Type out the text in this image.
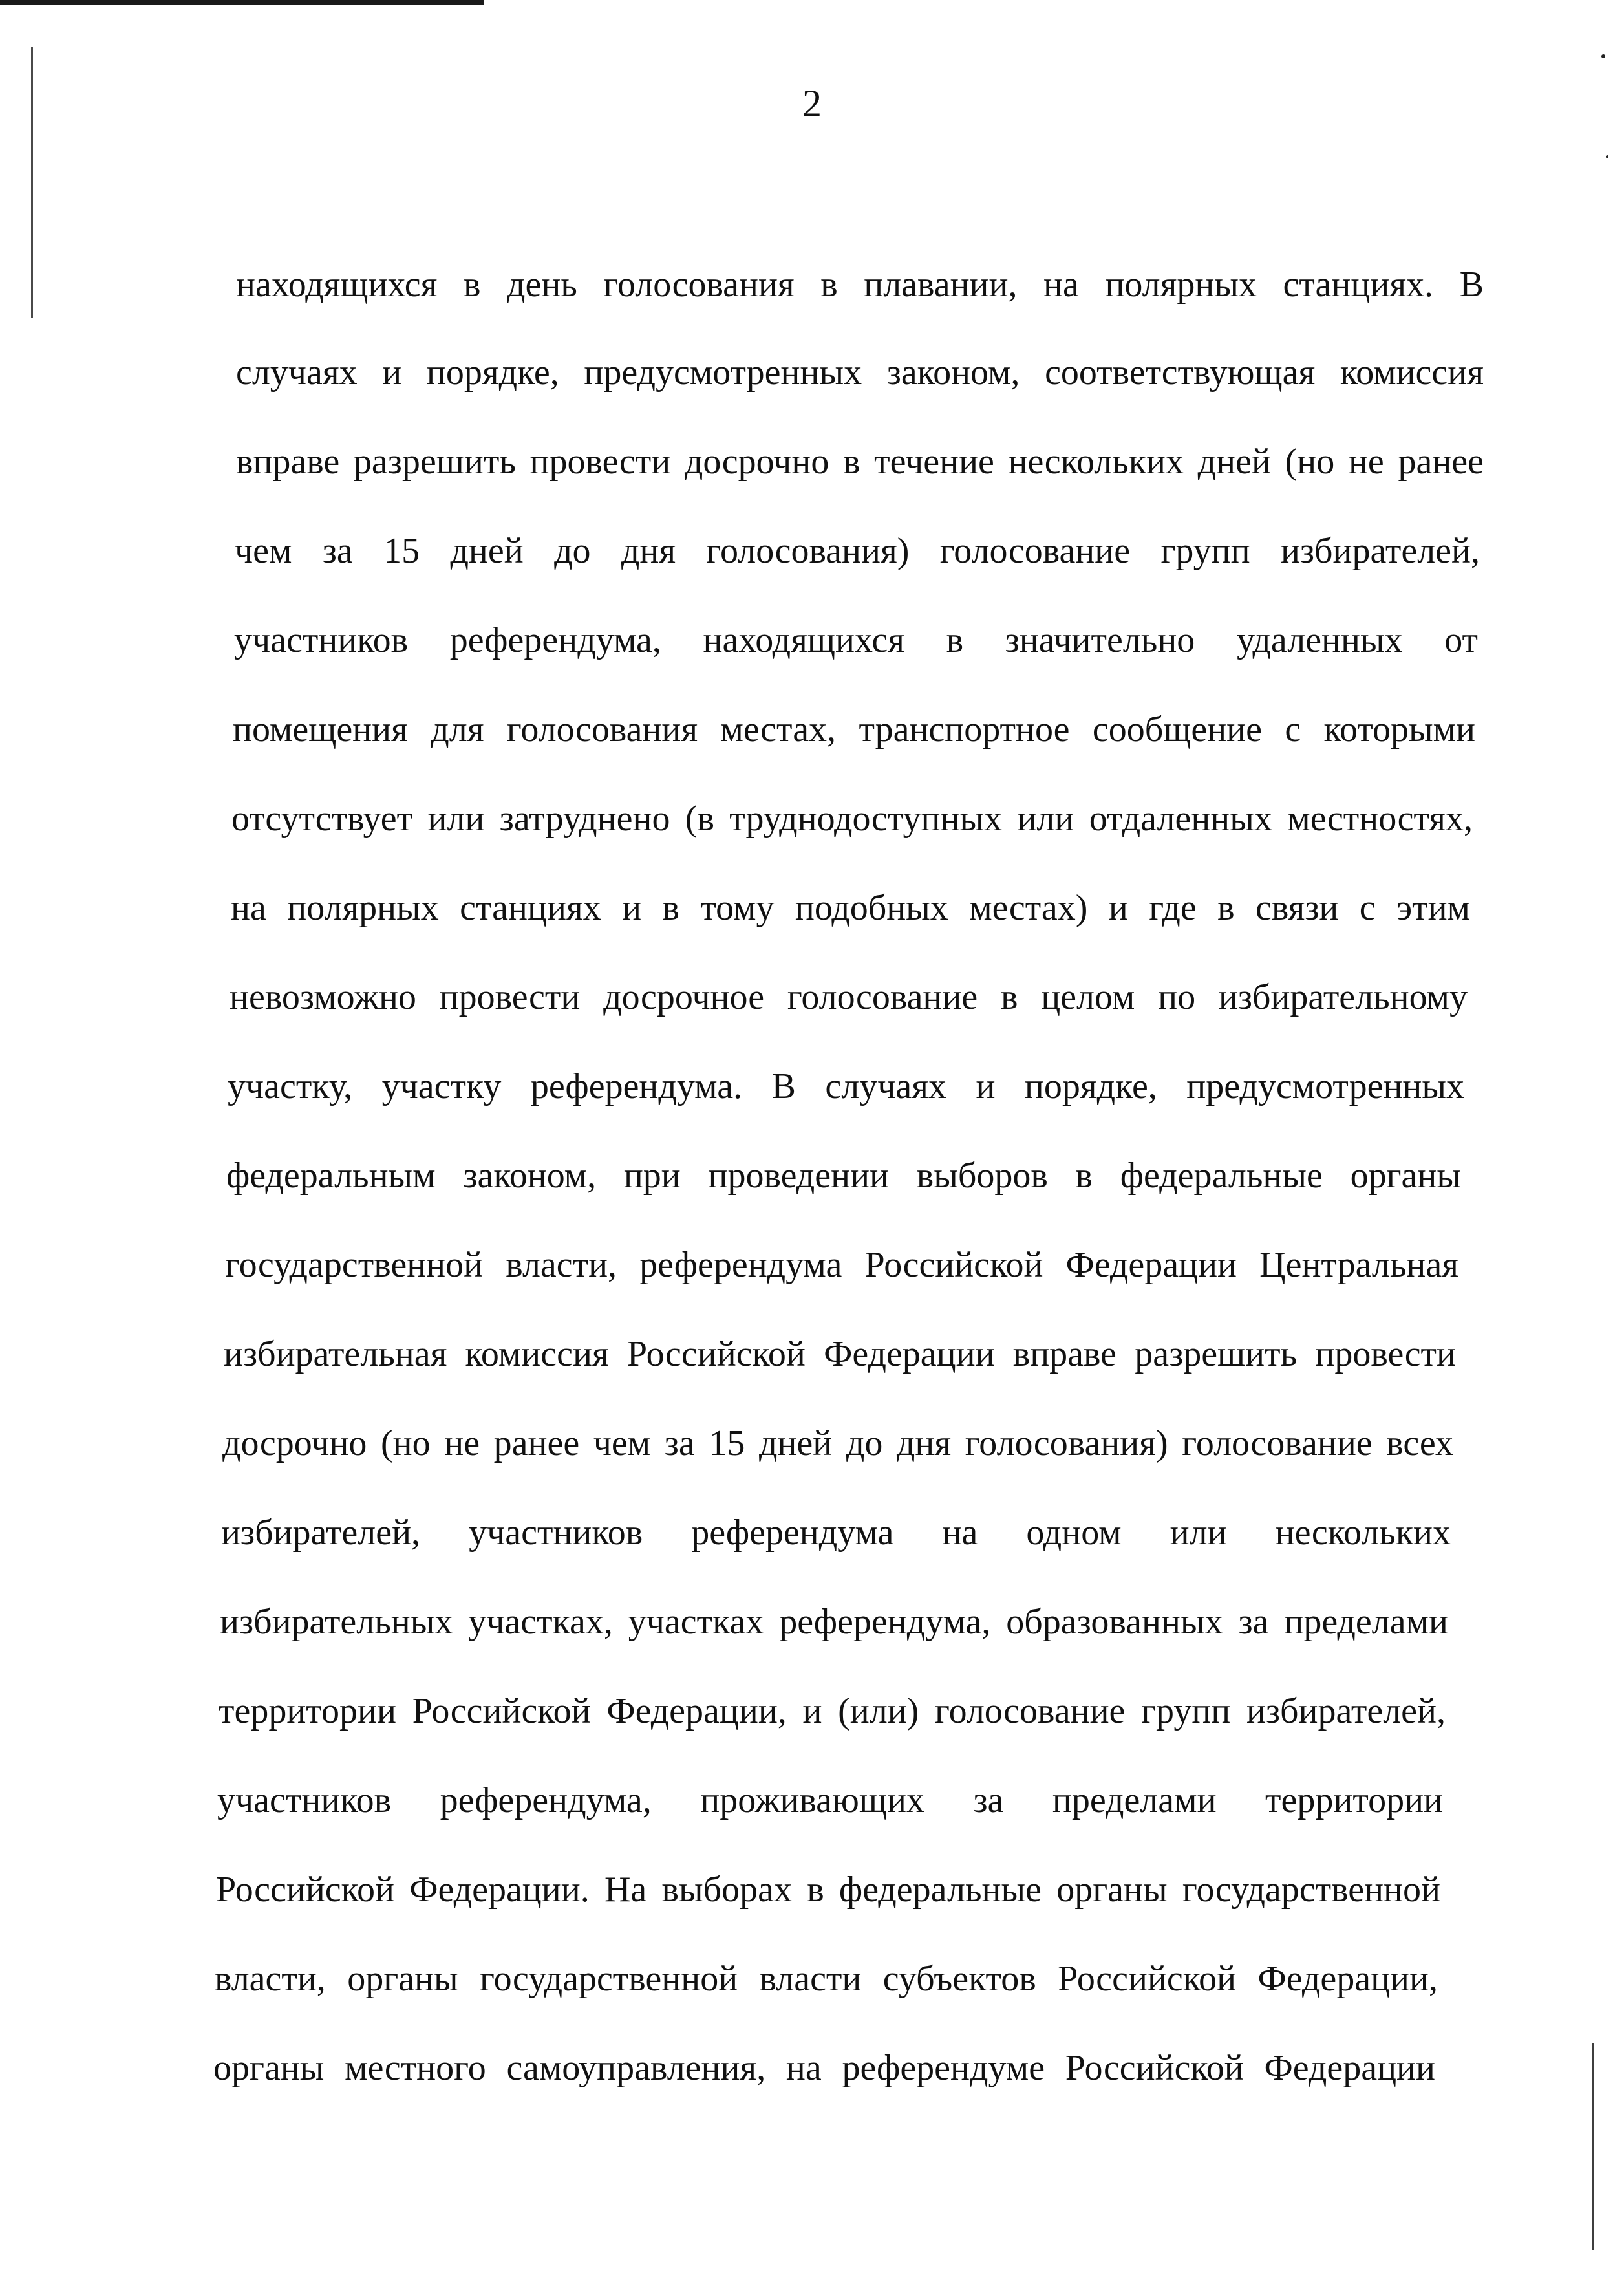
2
находящихся в день голосования в плавании, на полярных станциях. В
случаях и порядке, предусмотренных законом, соответствующая комиссия
вправе разрешить провести досрочно в течение нескольких дней (но не ранее
чем за 15 дней до дня голосования) голосование групп избирателей,
участников референдума, находящихся в значительно удаленных от
помещения для голосования местах, транспортное сообщение с которыми
отсутствует или затруднено (в труднодоступных или отдаленных местностях,
на полярных станциях и в тому подобных местах) и где в связи с этим
невозможно провести досрочное голосование в целом по избирательному
участку, участку референдума. В случаях и порядке, предусмотренных
федеральным законом, при проведении выборов в федеральные органы
государственной власти, референдума Российской Федерации Центральная
избирательная комиссия Российской Федерации вправе разрешить провести
досрочно (но не ранее чем за 15 дней до дня голосования) голосование всех
избирателей, участников референдума на одном или нескольких
избирательных участках, участках референдума, образованных за пределами
территории Российской Федерации, и (или) голосование групп избирателей,
участников референдума, проживающих за пределами территории
Российской Федерации. На выборах в федеральные органы государственной
власти, органы государственной власти субъектов Российской Федерации,
органы местного самоуправления, на референдуме Российской Федерации
